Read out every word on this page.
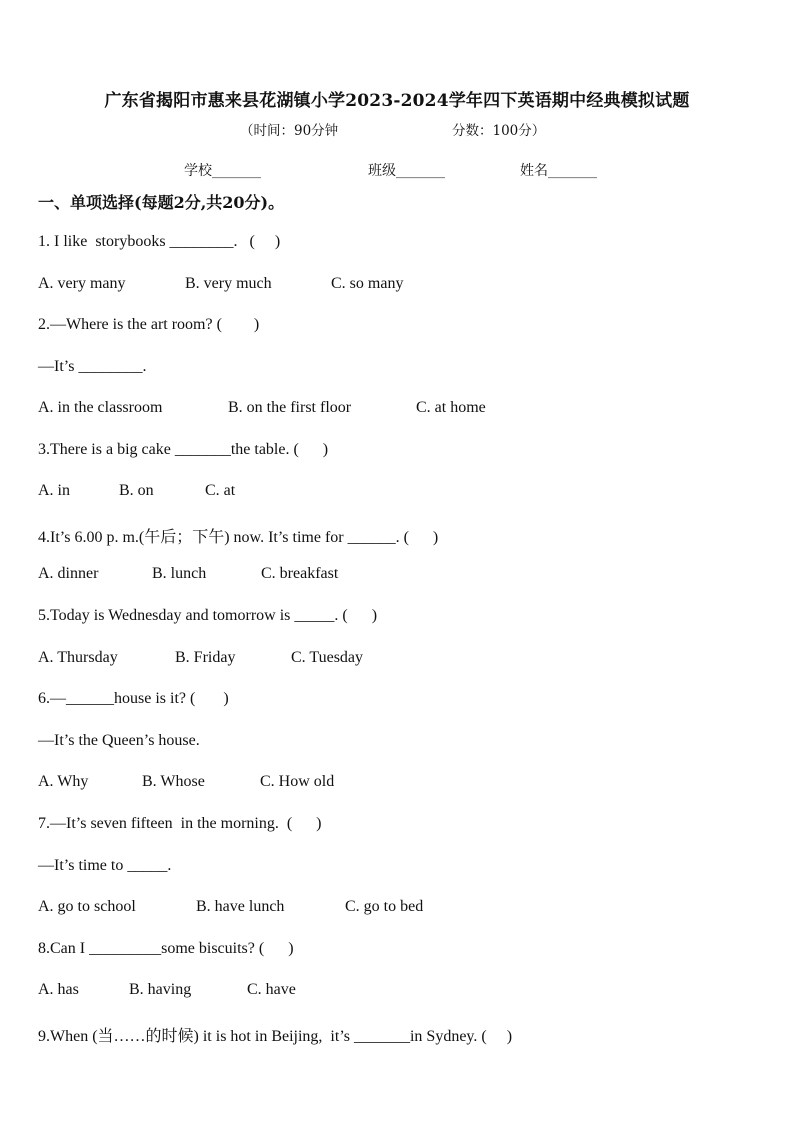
广东省揭阳市惠来县花湖镇小学2023-2024学年四下英语期中经典模拟试题
（时间：90分钟	分数：100分）
学校_______	班级_______	姓名_______
一、单项选择(每题2分,共20分)。
1. I like  storybooks ________.   (     )
A. very many	B. very much	C. so many
2.—Where is the art room? (        )
—It’s ________.
A. in the classroom	B. on the first floor	C. at home
3.There is a big cake _______the table. (      )
A. in	B. on	C. at
4.It’s 6.00 p. m.(午后；下午) now. It’s time for ______. (      )
A. dinner	B. lunch	C. breakfast
5.Today is Wednesday and tomorrow is _____. (      )
A. Thursday	B. Friday	C. Tuesday
6.—______house is it? (       )
—It’s the Queen’s house.
A. Why	B. Whose	C. How old
7.—It’s seven fifteen  in the morning.  (      )
—It’s time to _____.
A. go to school	B. have lunch	C. go to bed
8.Can I _________some biscuits? (      )
A. has	B. having	C. have
9.When (当……的时候) it is hot in Beijing,  it’s _______in Sydney. (     )
